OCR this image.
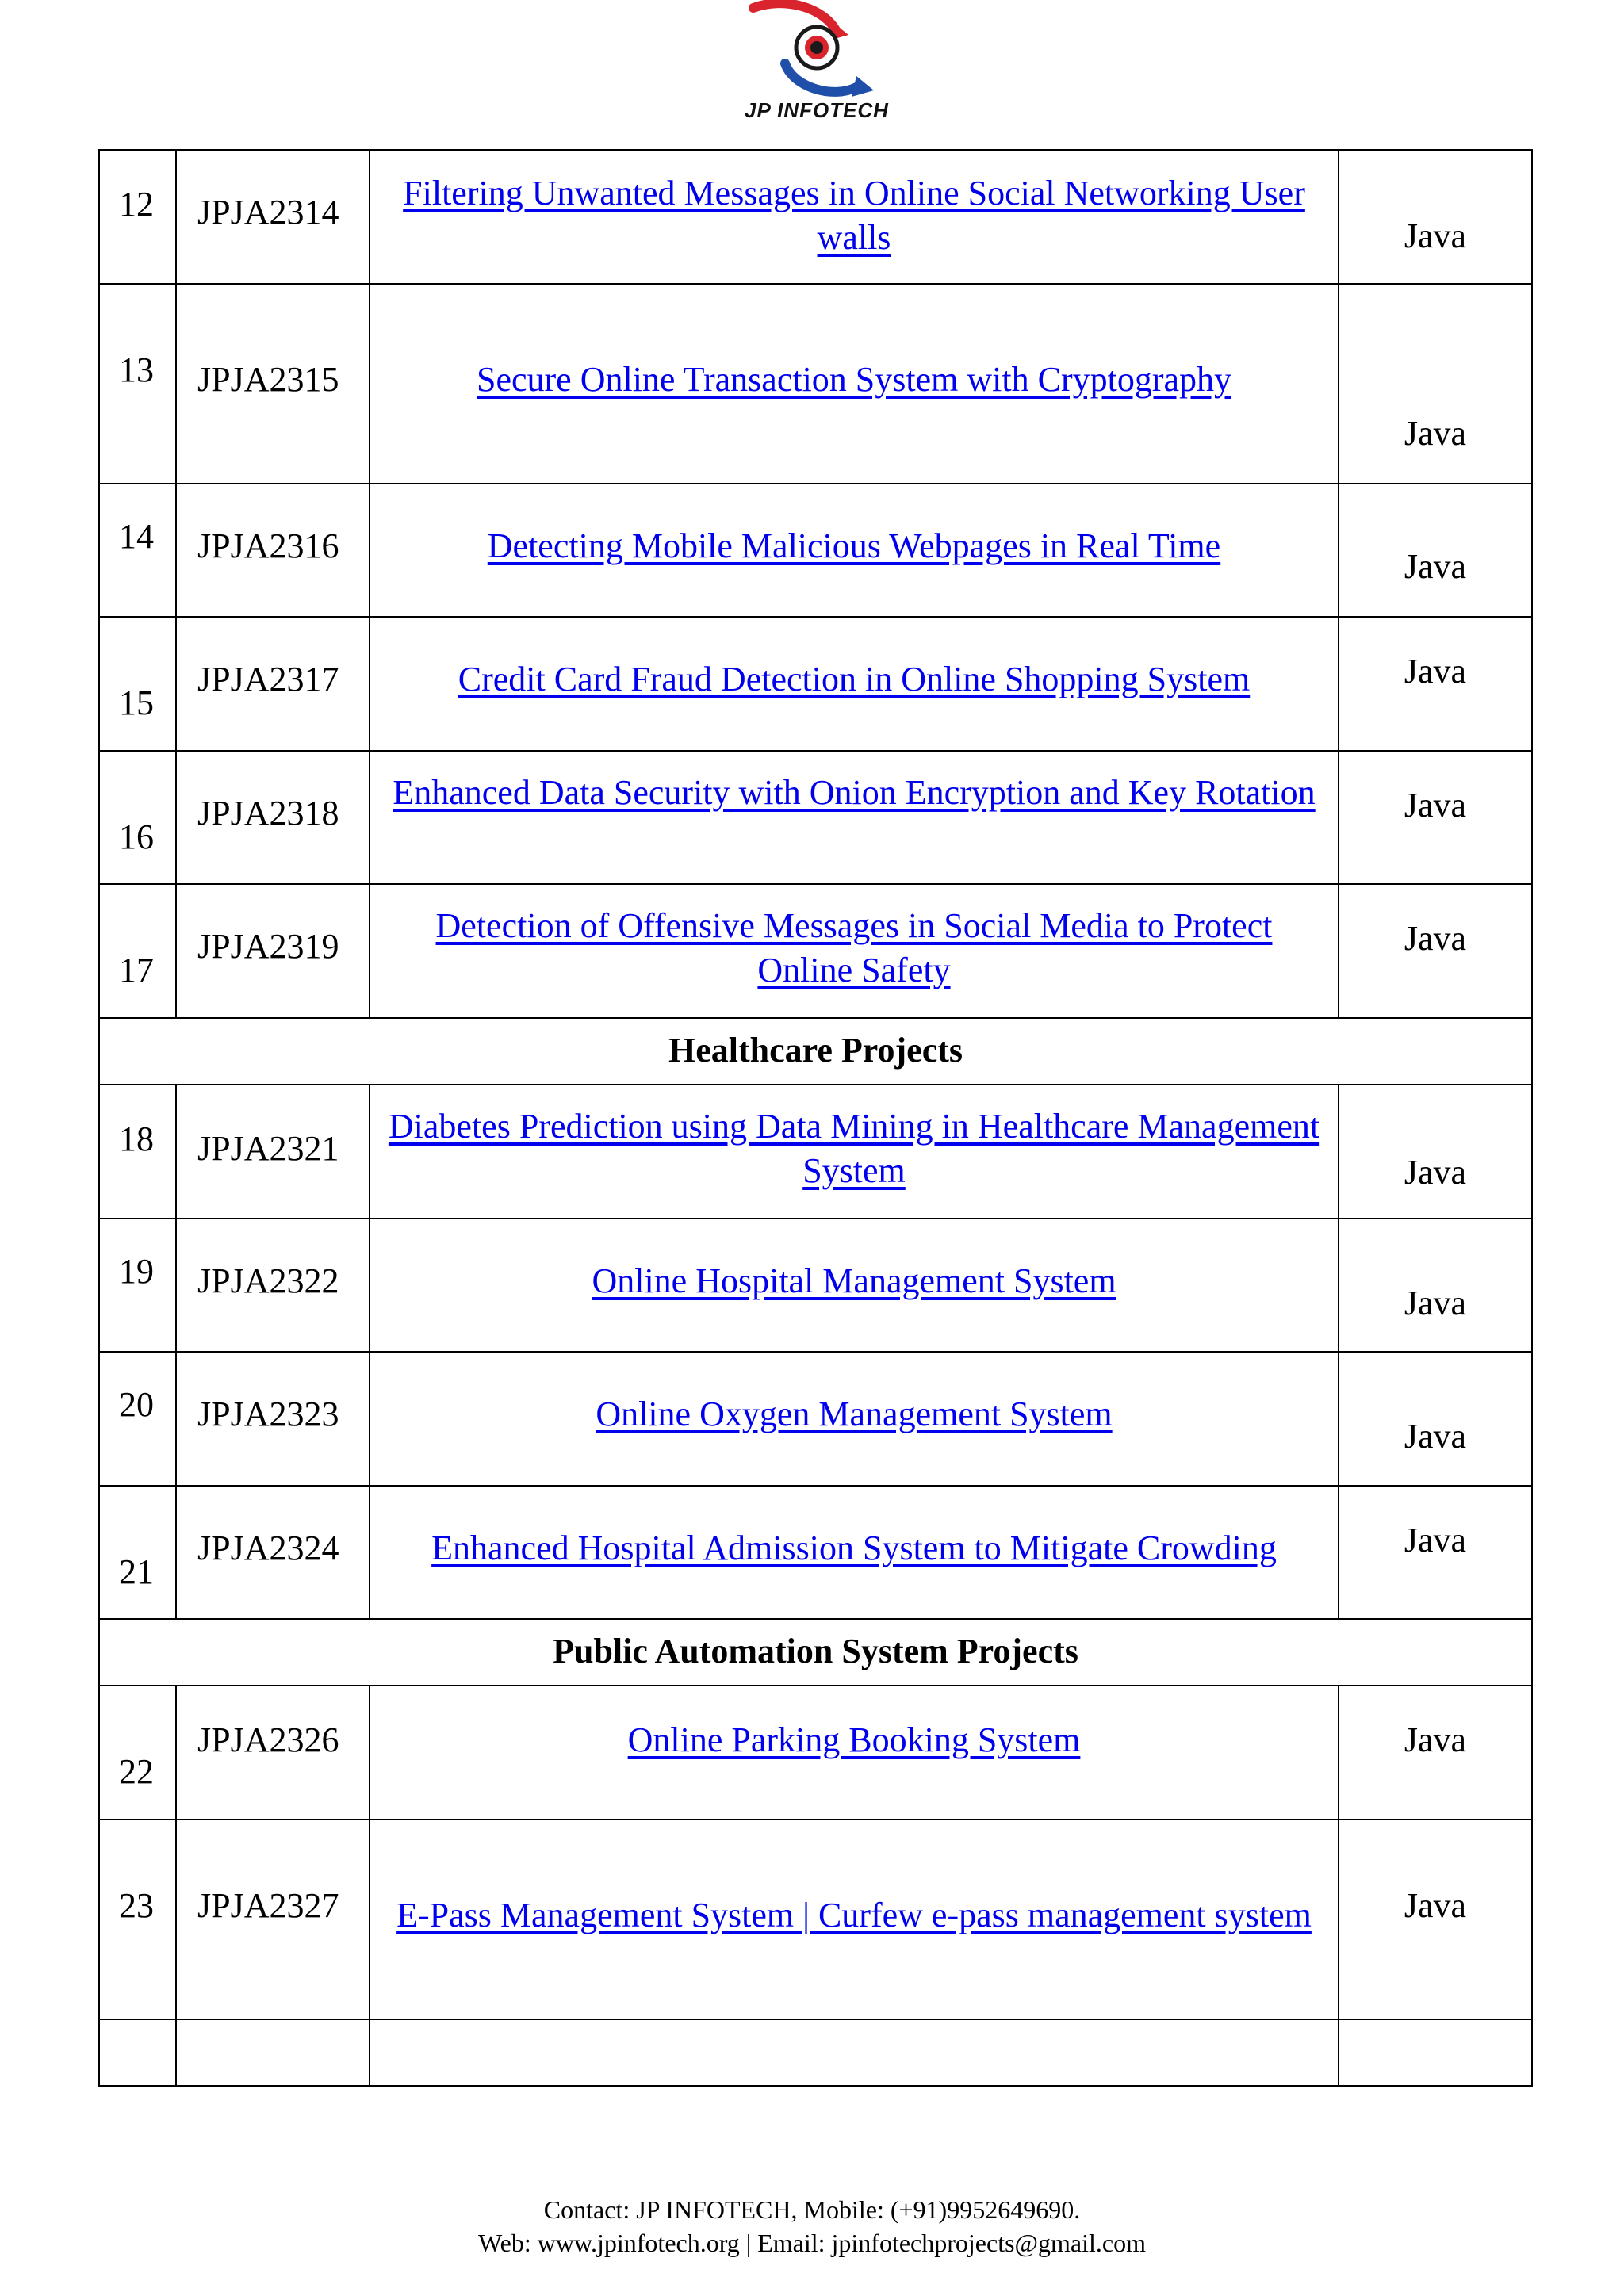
JP INFOTECH
12	JPJA2314	Filtering Unwanted Messages in Online Social Networking User walls	Java

13	JPJA2315	Secure Online Transaction System with Cryptography	Java

14	JPJA2316	Detecting Mobile Malicious Webpages in Real Time	Java

15	JPJA2317	Credit Card Fraud Detection in Online Shopping System	Java

16	JPJA2318	Enhanced Data Security with Onion Encryption and Key Rotation	Java

17	JPJA2319	Detection of Offensive Messages in Social Media to Protect Online Safety	Java

Healthcare Projects			

18	JPJA2321	Diabetes Prediction using Data Mining in Healthcare Management System	Java

19	JPJA2322	Online Hospital Management System	Java

20	JPJA2323	Online Oxygen Management System	Java

21	JPJA2324	Enhanced Hospital Admission System to Mitigate Crowding	Java

Public Automation System Projects			

22	JPJA2326	Online Parking Booking System	Java

23	JPJA2327	E-Pass Management System | Curfew e-pass management system	Java

Contact: JP INFOTECH, Mobile: (+91)9952649690.
Web: www.jpinfotech.org | Email: jpinfotechprojects@gmail.com
